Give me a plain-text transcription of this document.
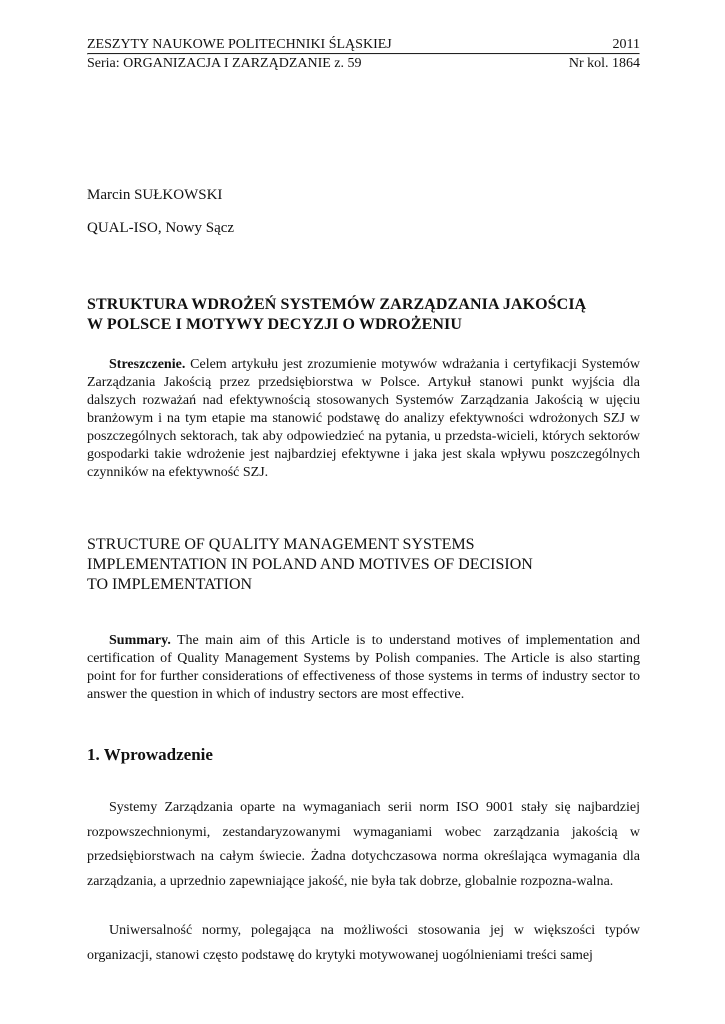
ZESZYTY NAUKOWE POLITECHNIKI ŚLĄSKIEJ	2011
Seria: ORGANIZACJA I ZARZĄDZANIE z. 59	Nr kol. 1864
Marcin SUŁKOWSKI
QUAL-ISO, Nowy Sącz
STRUKTURA WDROŻEŃ SYSTEMÓW ZARZĄDZANIA JAKOŚCIĄ
W POLSCE I MOTYWY DECYZJI O WDROŻENIU

Streszczenie. Celem artykułu jest zrozumienie motywów wdrażania i certyfikacji Systemów Zarządzania Jakością przez przedsiębiorstwa w Polsce. Artykuł stanowi punkt wyjścia dla dalszych rozważań nad efektywnością stosowanych Systemów Zarządzania Jakością w ujęciu branżowym i na tym etapie ma stanowić podstawę do analizy efektywności wdrożonych SZJ w poszczególnych sektorach, tak aby odpowiedzieć na pytania, u przedsta-wicieli, których sektorów gospodarki takie wdrożenie jest najbardziej efektywne i jaka jest skala wpływu poszczególnych czynników na efektywność SZJ.

STRUCTURE OF QUALITY MANAGEMENT SYSTEMS
IMPLEMENTATION IN POLAND AND MOTIVES OF DECISION
TO IMPLEMENTATION

Summary. The main aim of this Article is to understand motives of implementation and certification of Quality Management Systems by Polish companies. The Article is also starting point for for further considerations of effectiveness of those systems in terms of industry sector to answer the question in which of industry sectors are most effective.

1. Wprowadzenie

Systemy Zarządzania oparte na wymaganiach serii norm ISO 9001 stały się najbardziej rozpowszechnionymi, zestandaryzowanymi wymaganiami wobec zarządzania jakością w przedsiębiorstwach na całym świecie. Żadna dotychczasowa norma określająca wymagania dla zarządzania, a uprzednio zapewniające jakość, nie była tak dobrze, globalnie rozpozna-walna.

Uniwersalność normy, polegająca na możliwości stosowania jej w większości typów organizacji, stanowi często podstawę do krytyki motywowanej uogólnieniami treści samej
